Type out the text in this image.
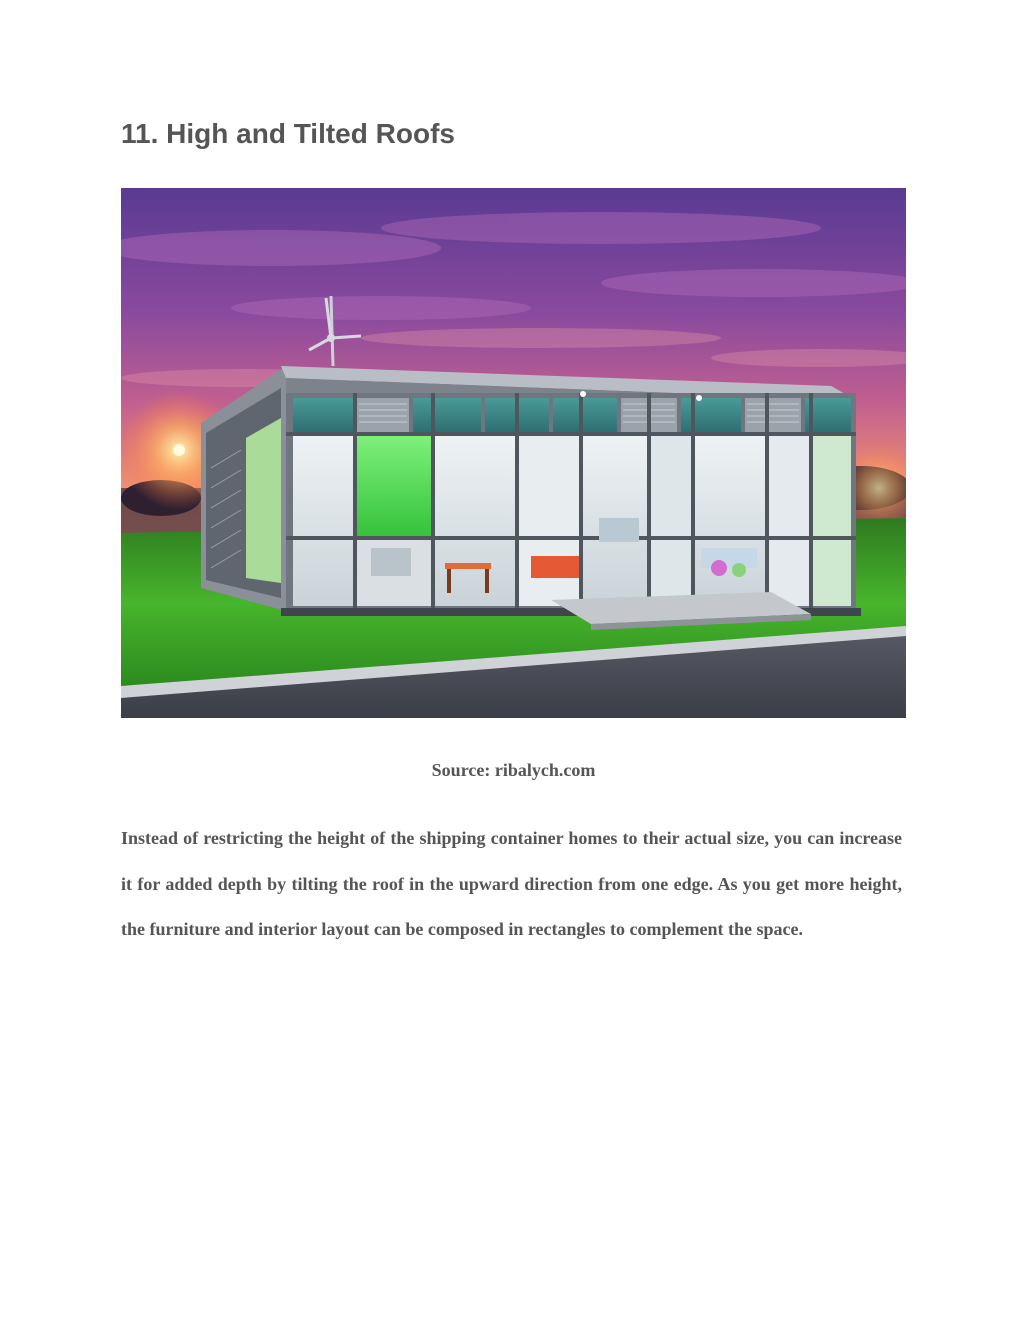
11. High and Tilted Roofs

Source: ribalych.com

Instead of restricting the height of the shipping container homes to their actual size, you can increase it for added depth by tilting the roof in the upward direction from one edge. As you get more height, the furniture and interior layout can be composed in rectangles to complement the space.
